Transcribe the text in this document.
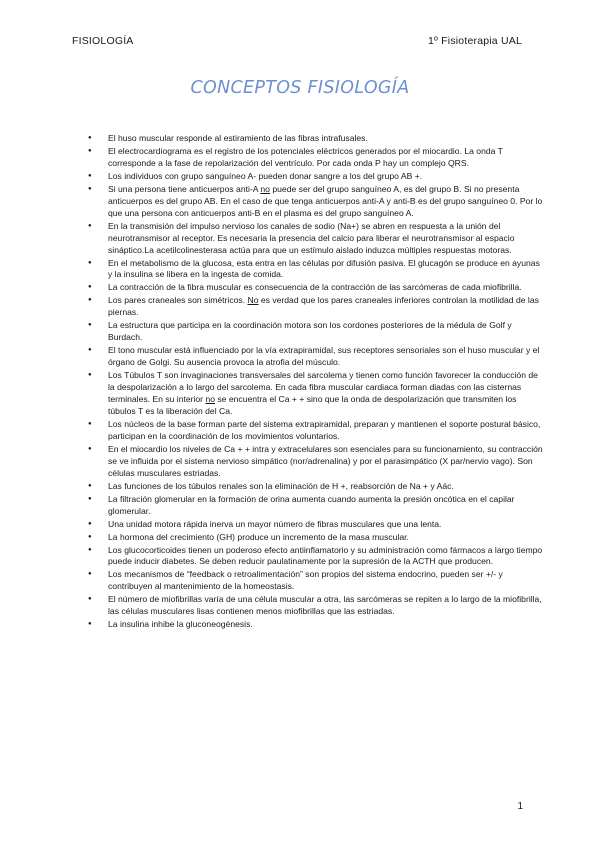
FISIOLOGÍA	1º Fisioterapia UAL
CONCEPTOS FISIOLOGÍA
● El huso muscular responde al estiramiento de las fibras intrafusales.
● El electrocardiograma es el registro de los potenciales eléctricos generados por el miocardio. La onda T corresponde a la fase de repolarización del ventrículo. Por cada onda P hay un complejo QRS.
● Los individuos con grupo sanguíneo A- pueden donar sangre a los del grupo AB +.
● Si una persona tiene anticuerpos anti-A no puede ser del grupo sanguíneo A, es del grupo B. Si no presenta anticuerpos es del grupo AB. En el caso de que tenga anticuerpos anti-A y anti-B es del grupo sanguíneo 0. Por lo que una persona con anticuerpos anti-B en el plasma es del grupo sanguíneo A.
● En la transmisión del impulso nervioso los canales de sodio (Na+) se abren en respuesta a la unión del neurotransmisor al receptor. Es necesaria la presencia del calcio para liberar el neurotransmisor al espacio sináptico.La acetilcolinesterasa actúa para que un estímulo aislado induzca múltiples respuestas motoras.
● En el metabolismo de la glucosa, esta entra en las células por difusión pasiva. El glucagón se produce en ayunas y la insulina se libera en la ingesta de comida.
● La contracción de la fibra muscular es consecuencia de la contracción de las sarcómeras de cada miofibrilla.
● Los pares craneales son simétricos. No es verdad que los pares craneales inferiores controlan la motilidad de las piernas.
● La estructura que participa en la coordinación motora son los cordones posteriores de la médula de Golf y Burdach.
● El tono muscular está influenciado por la vía extrapiramidal, sus receptores sensoriales son el huso muscular y el órgano de Golgi. Su ausencia provoca la atrofia del músculo.
● Los Túbulos T son invaginaciones transversales del sarcolema y tienen como función favorecer la conducción de la despolarización a lo largo del sarcolema. En cada fibra muscular cardiaca forman diadas con las cisternas terminales. En su interior no se encuentra el Ca + + sino que la onda de despolarización que transmiten los túbulos T es la liberación del Ca.
● Los núcleos de la base forman parte del sistema extrapiramidal, preparan y mantienen el soporte postural básico, participan en la coordinación de los movimientos voluntarios.
● En el miocardio los niveles de Ca + + intra y extracelulares son esenciales para su funcionamiento, su contracción se ve influida por el sistema nervioso simpático (nor/adrenalina) y por el parasimpático (X par/nervio vago). Son células musculares estriadas.
● Las funciones de los túbulos renales son la eliminación de H +, reabsorción de Na + y Aác.
● La filtración glomerular en la formación de orina aumenta cuando aumenta la presión oncótica en el capilar glomerular.
● Una unidad motora rápida inerva un mayor número de fibras musculares que una lenta.
● La hormona del crecimiento (GH) produce un incremento de la masa muscular.
● Los glucocorticoides tienen un poderoso efecto antiinflamatorio y su administración como fármacos a largo tiempo puede inducir diabetes. Se deben reducir paulatinamente por la supresión de la ACTH que producen.
● Los mecanismos de “feedback o retroalimentación” son propios del sistema endocrino, pueden ser +/- y contribuyen al mantenimiento de la homeostasis.
● El número de miofibrillas varía de una célula muscular a otra, las sarcómeras se repiten a lo largo de la miofibrilla, las células musculares lisas contienen menos miofibrillas que las estriadas.
● La insulina inhibe la gluconeogénesis.
1
